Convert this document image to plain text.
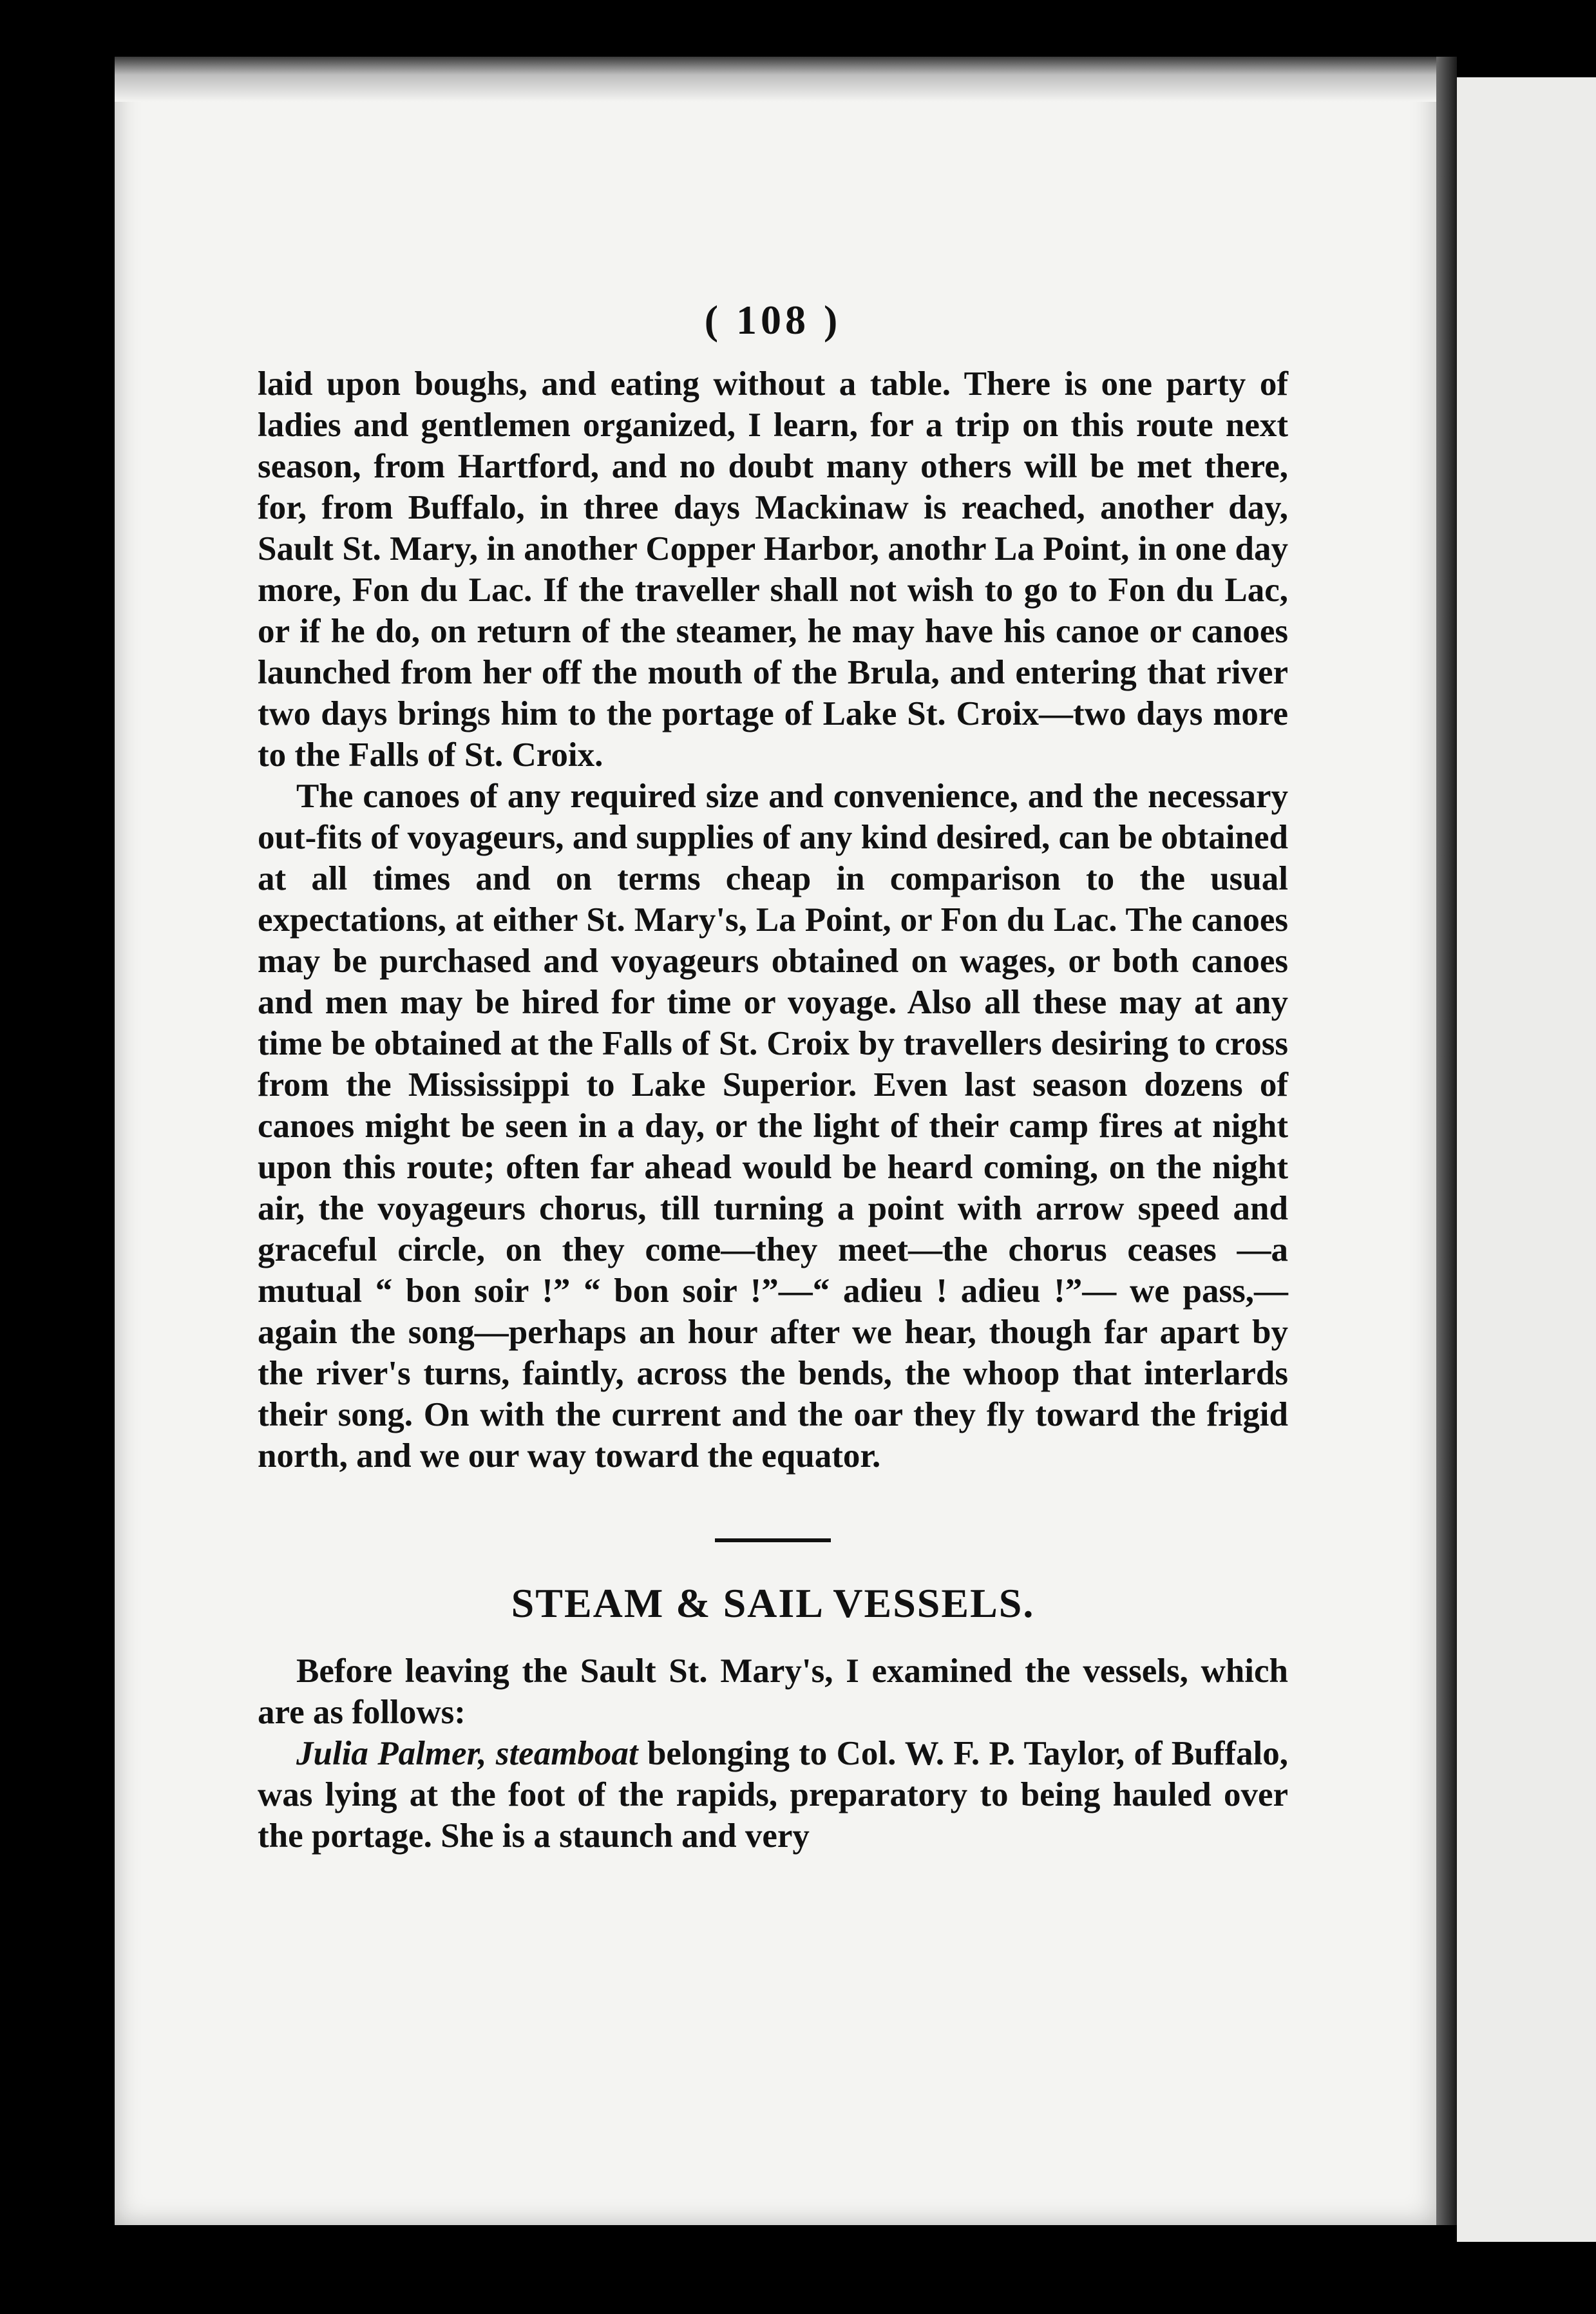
( 108 )

laid upon boughs, and eating without a table. There is one party of ladies and gentlemen organized, I learn, for a trip on this route next season, from Hartford, and no doubt many others will be met there, for, from Buffalo, in three days Mackinaw is reached, another day, Sault St. Mary, in another Copper Harbor, anothr La Point, in one day more, Fon du Lac. If the traveller shall not wish to go to Fon du Lac, or if he do, on return of the steamer, he may have his canoe or canoes launched from her off the mouth of the Brula, and entering that river two days brings him to the portage of Lake St. Croix—two days more to the Falls of St. Croix.

The canoes of any required size and convenience, and the necessary out-fits of voyageurs, and supplies of any kind desired, can be obtained at all times and on terms cheap in comparison to the usual expectations, at either St. Mary's, La Point, or Fon du Lac. The canoes may be purchased and voyageurs obtained on wages, or both canoes and men may be hired for time or voyage. Also all these may at any time be obtained at the Falls of St. Croix by travellers desiring to cross from the Mississippi to Lake Superior. Even last season dozens of canoes might be seen in a day, or the light of their camp fires at night upon this route; often far ahead would be heard coming, on the night air, the voyageurs chorus, till turning a point with arrow speed and graceful circle, on they come—they meet—the chorus ceases —a mutual “ bon soir !” “ bon soir !”—“ adieu ! adieu !”— we pass,—again the song—perhaps an hour after we hear, though far apart by the river's turns, faintly, across the bends, the whoop that interlards their song. On with the current and the oar they fly toward the frigid north, and we our way toward the equator.

STEAM & SAIL VESSELS.

Before leaving the Sault St. Mary's, I examined the vessels, which are as follows:

Julia Palmer, steamboat belonging to Col. W. F. P. Taylor, of Buffalo, was lying at the foot of the rapids, preparatory to being hauled over the portage. She is a staunch and very
